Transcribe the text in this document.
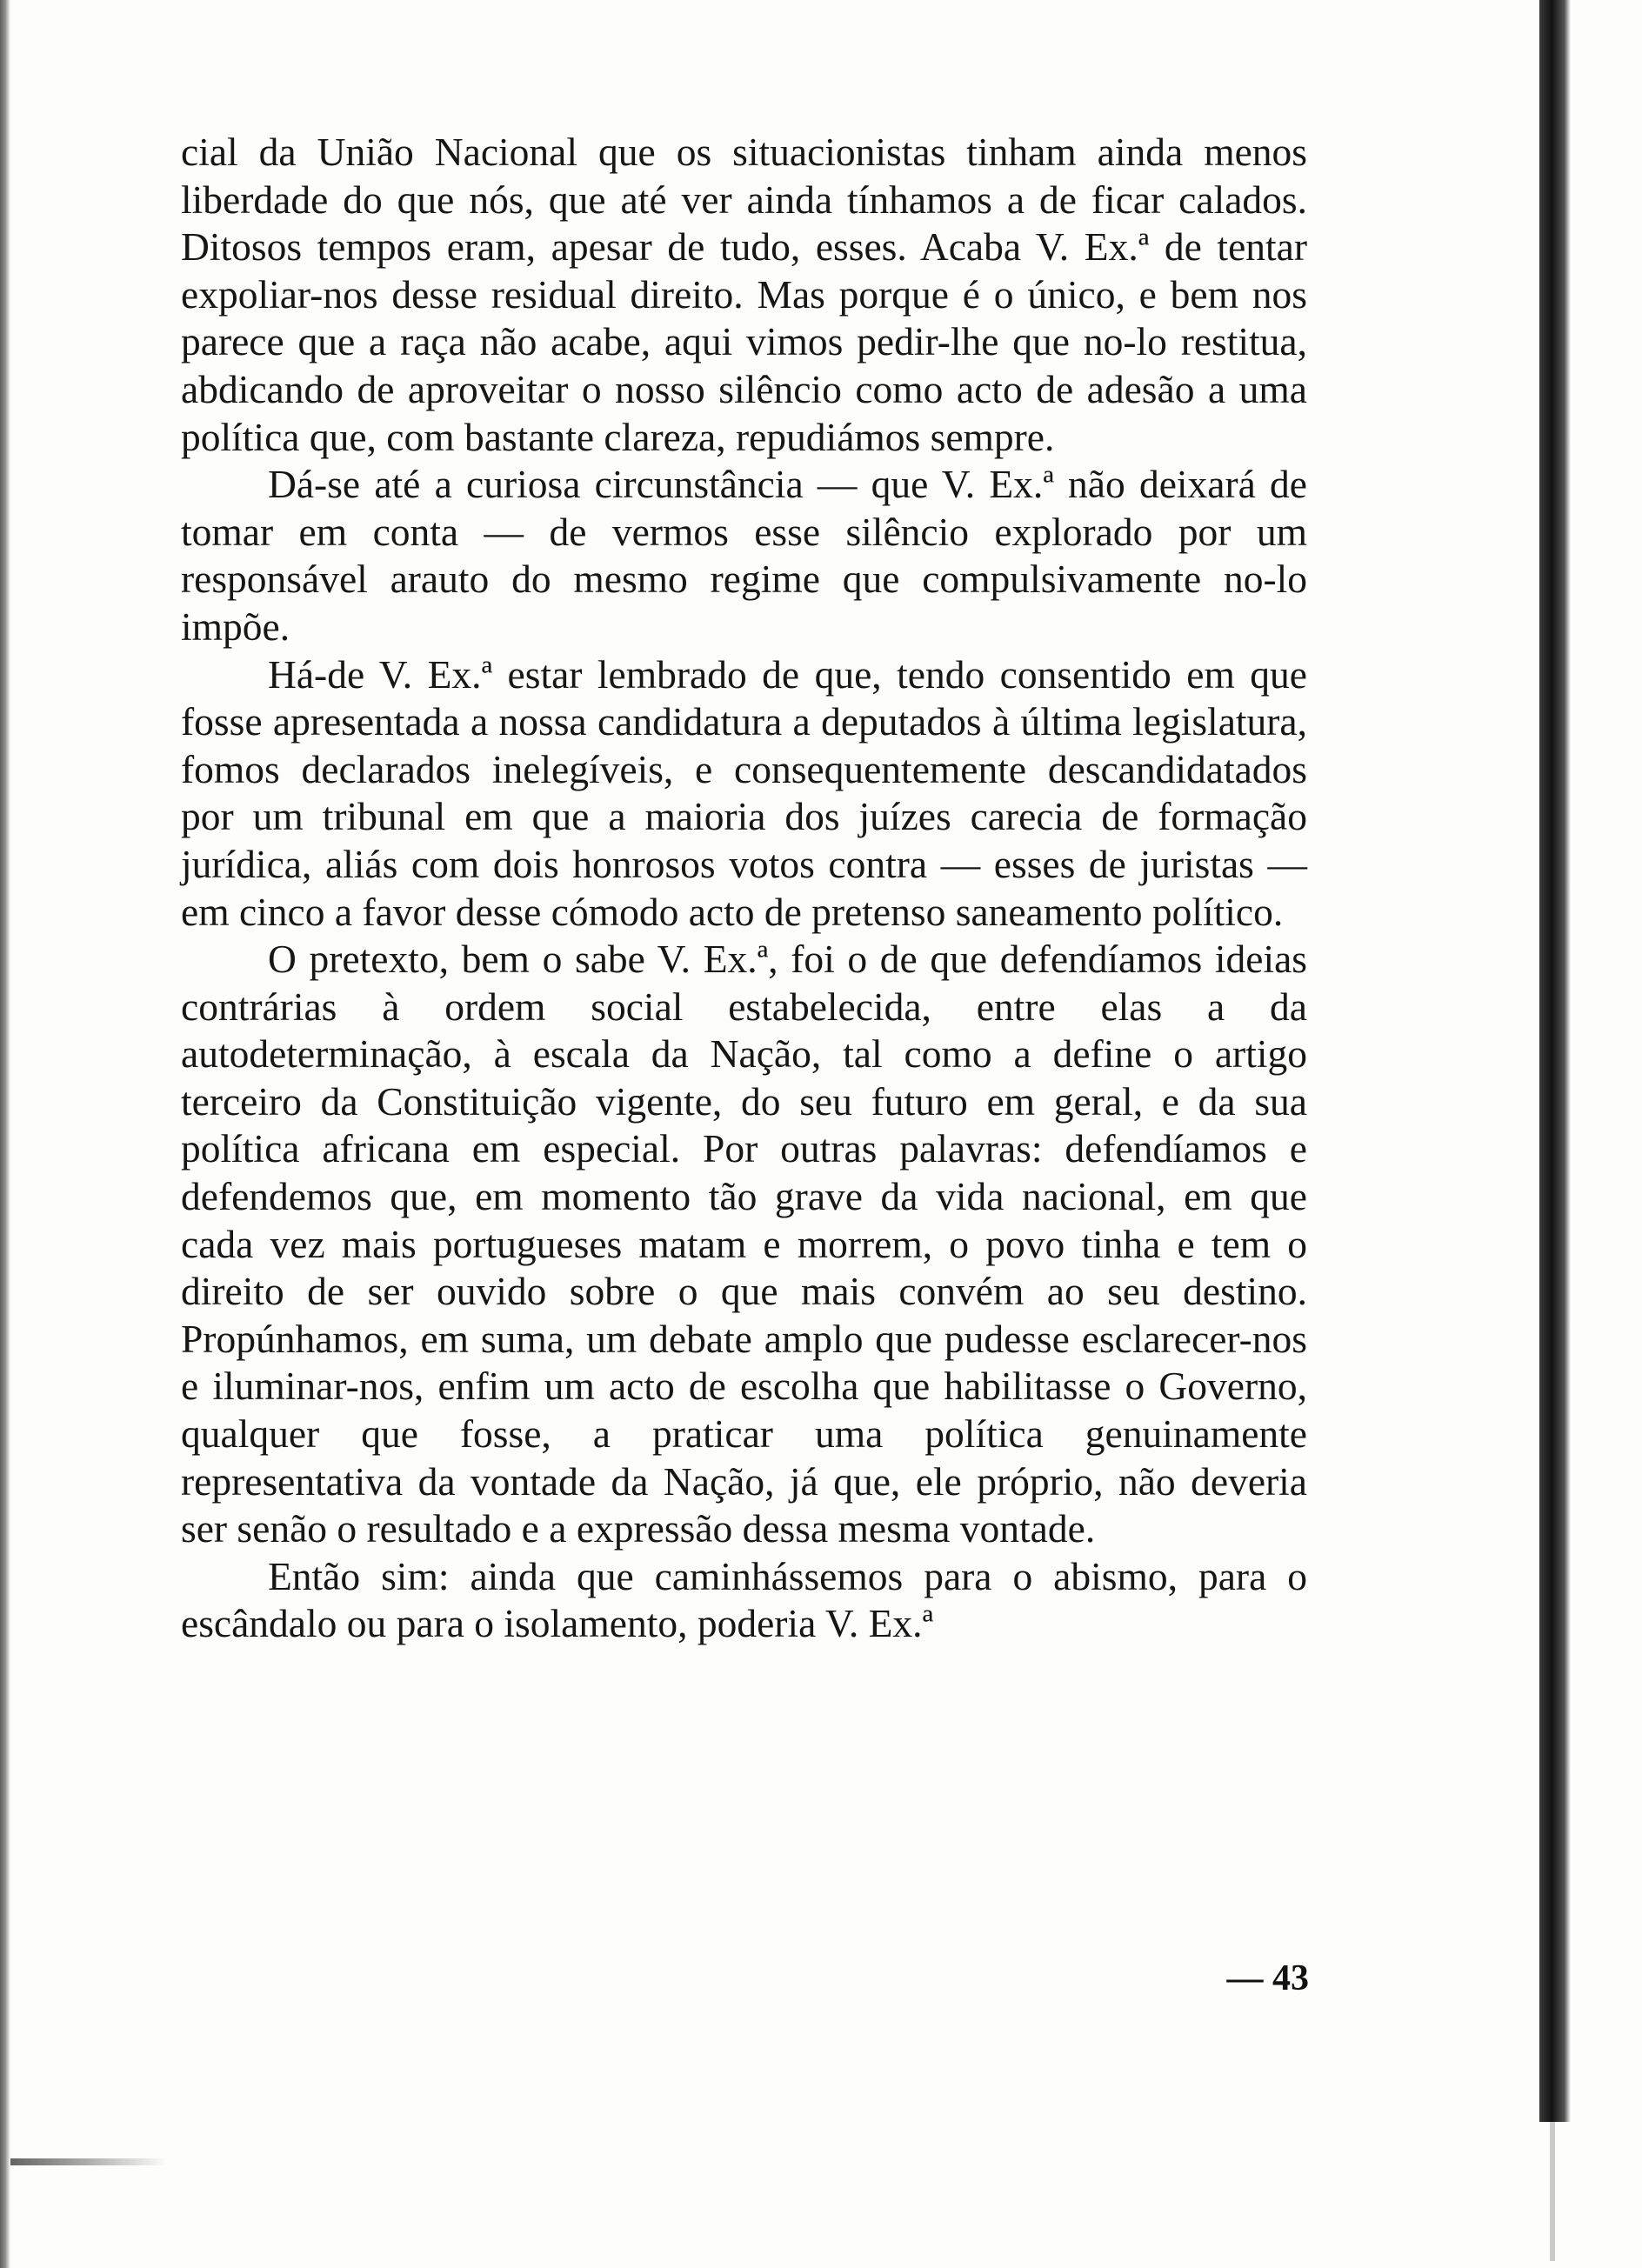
cial da União Nacional que os situacionistas tinham ainda menos liberdade do que nós, que até ver ainda tínhamos a de ficar calados. Ditosos tempos eram, apesar de tudo, esses. Acaba V. Ex.ª de tentar expoliar-nos desse residual direito. Mas porque é o único, e bem nos parece que a raça não acabe, aqui vimos pedir-lhe que no-lo restitua, abdicando de aproveitar o nosso silêncio como acto de adesão a uma política que, com bastante clareza, repudiámos sempre.

Dá-se até a curiosa circunstância — que V. Ex.ª não deixará de tomar em conta — de vermos esse silêncio explorado por um responsável arauto do mesmo regime que compulsivamente no-lo impõe.

Há-de V. Ex.ª estar lembrado de que, tendo consentido em que fosse apresentada a nossa candidatura a deputados à última legislatura, fomos declarados inelegíveis, e consequentemente descandidatados por um tribunal em que a maioria dos juízes carecia de formação jurídica, aliás com dois honrosos votos contra — esses de juristas — em cinco a favor desse cómodo acto de pretenso saneamento político.

O pretexto, bem o sabe V. Ex.ª, foi o de que defendíamos ideias contrárias à ordem social estabelecida, entre elas a da autodeterminação, à escala da Nação, tal como a define o artigo terceiro da Constituição vigente, do seu futuro em geral, e da sua política africana em especial. Por outras palavras: defendíamos e defendemos que, em momento tão grave da vida nacional, em que cada vez mais portugueses matam e morrem, o povo tinha e tem o direito de ser ouvido sobre o que mais convém ao seu destino. Propúnhamos, em suma, um debate amplo que pudesse esclarecer-nos e iluminar-nos, enfim um acto de escolha que habilitasse o Governo, qualquer que fosse, a praticar uma política genuinamente representativa da vontade da Nação, já que, ele próprio, não deveria ser senão o resultado e a expressão dessa mesma vontade.

Então sim: ainda que caminhássemos para o abismo, para o escândalo ou para o isolamento, poderia V. Ex.ª

— 43
